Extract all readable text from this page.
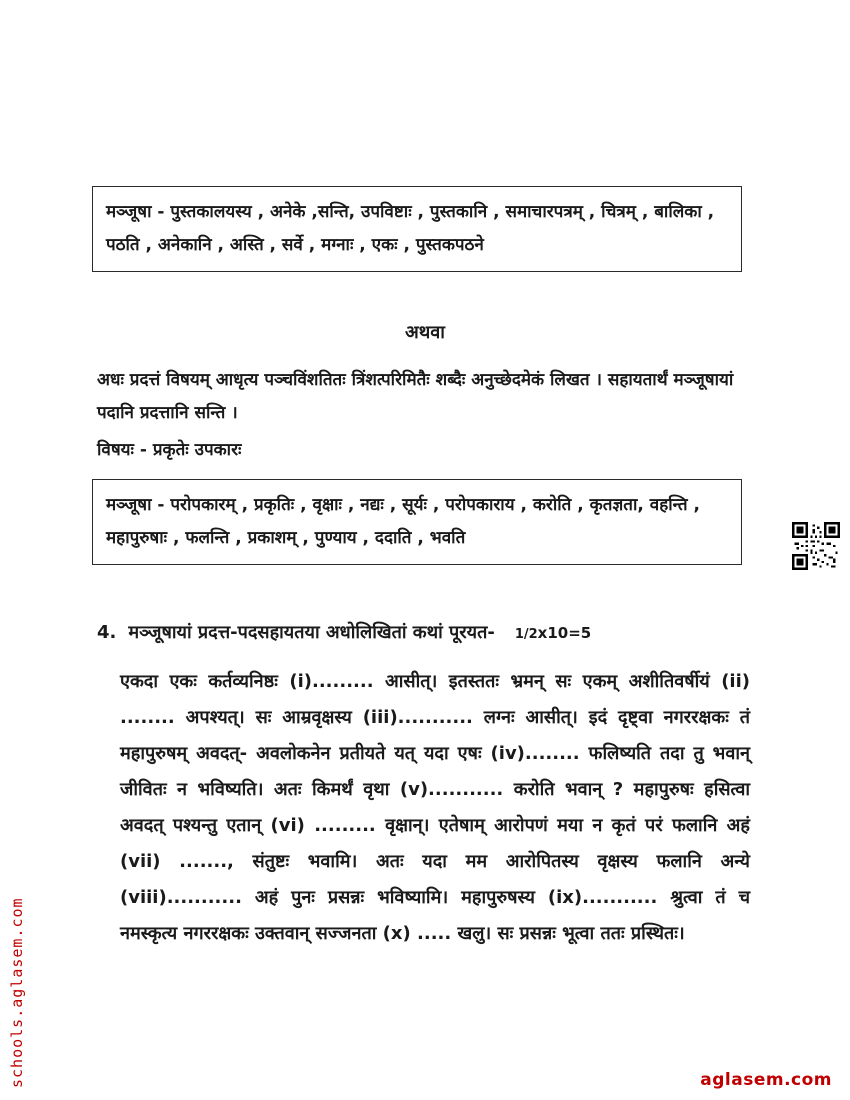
मञ्जूषा - पुस्तकालयस्य , अनेके ,सन्ति, उपविष्टाः , पुस्तकानि , समाचारपत्रम् , चित्रम् , बालिका , पठति , अनेकानि , अस्ति , सर्वे , मग्नाः , एकः , पुस्तकपठने
अथवा

अधः प्रदत्तं विषयम् आधृत्य पञ्चविंशतितः त्रिंशत्परिमितैः शब्दैः अनुच्छेदमेकं लिखत । सहायतार्थं मञ्जूषायां पदानि प्रदत्तानि सन्ति ।

विषयः - प्रकृतेः उपकारः

मञ्जूषा - परोपकारम् , प्रकृतिः , वृक्षाः , नद्यः , सूर्यः , परोपकाराय , करोति , कृतज्ञता, वहन्ति , महापुरुषाः , फलन्ति , प्रकाशम् , पुण्याय , ददाति , भवति
4. मञ्जूषायां प्रदत्त-पदसहायतया अधोलिखितां कथां पूरयत- 1/2x10=5

एकदा एकः कर्तव्यनिष्ठः (i)......... आसीत्। इतस्ततः भ्रमन् सः एकम् अशीतिवर्षीयं (ii) ........ अपश्यत्। सः आम्रवृक्षस्य (iii)........... लग्नः आसीत्। इदं दृष्ट्वा नगररक्षकः तं महापुरुषम् अवदत्- अवलोकनेन प्रतीयते यत् यदा एषः (iv)........ फलिष्यति तदा तु भवान् जीवितः न भविष्यति। अतः किमर्थं वृथा (v)........... करोति भवान् ? महापुरुषः हसित्वा अवदत् पश्यन्तु एतान् (vi) ......... वृक्षान्। एतेषाम् आरोपणं मया न कृतं परं फलानि अहं (vii) ......., संतुष्टः भवामि। अतः यदा मम आरोपितस्य वृक्षस्य फलानि अन्ये (viii)........... अहं पुनः प्रसन्नः भविष्यामि। महापुरुषस्य (ix)........... श्रुत्वा तं च नमस्कृत्य नगररक्षकः उक्तवान् सज्जनता (x) ..... खलु। सः प्रसन्नः भूत्वा ततः प्रस्थितः।

schools.aglasem.com	aglasem.com
